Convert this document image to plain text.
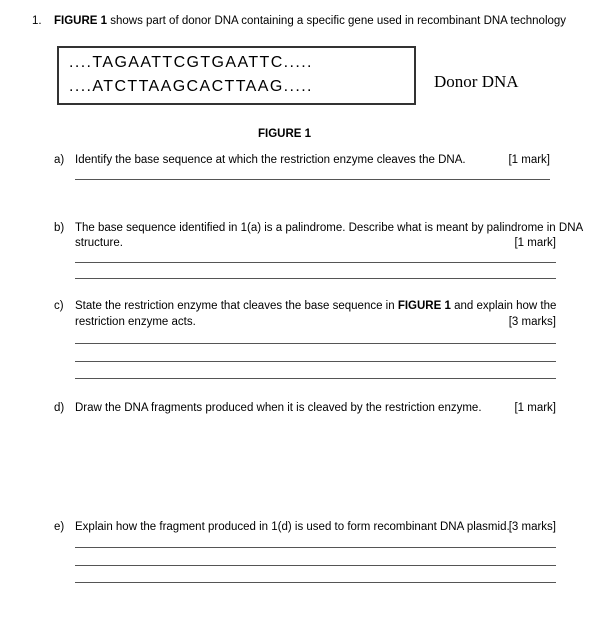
1. FIGURE 1 shows part of donor DNA containing a specific gene used in recombinant DNA technology
....TAGAATTCGTGAATTC.....
....ATCTTAAGCACTTAAG.....	Donor DNA
FIGURE 1
a) Identify the base sequence at which the restriction enzyme cleaves the DNA.	[1 mark]
b) The base sequence identified in 1(a) is a palindrome. Describe what is meant by palindrome in DNA
structure.	[1 mark]
c) State the restriction enzyme that cleaves the base sequence in FIGURE 1 and explain how the
restriction enzyme acts.	[3 marks]
d) Draw the DNA fragments produced when it is cleaved by the restriction enzyme.	[1 mark]
e) Explain how the fragment produced in 1(d) is used to form recombinant DNA plasmid. [3 marks]
